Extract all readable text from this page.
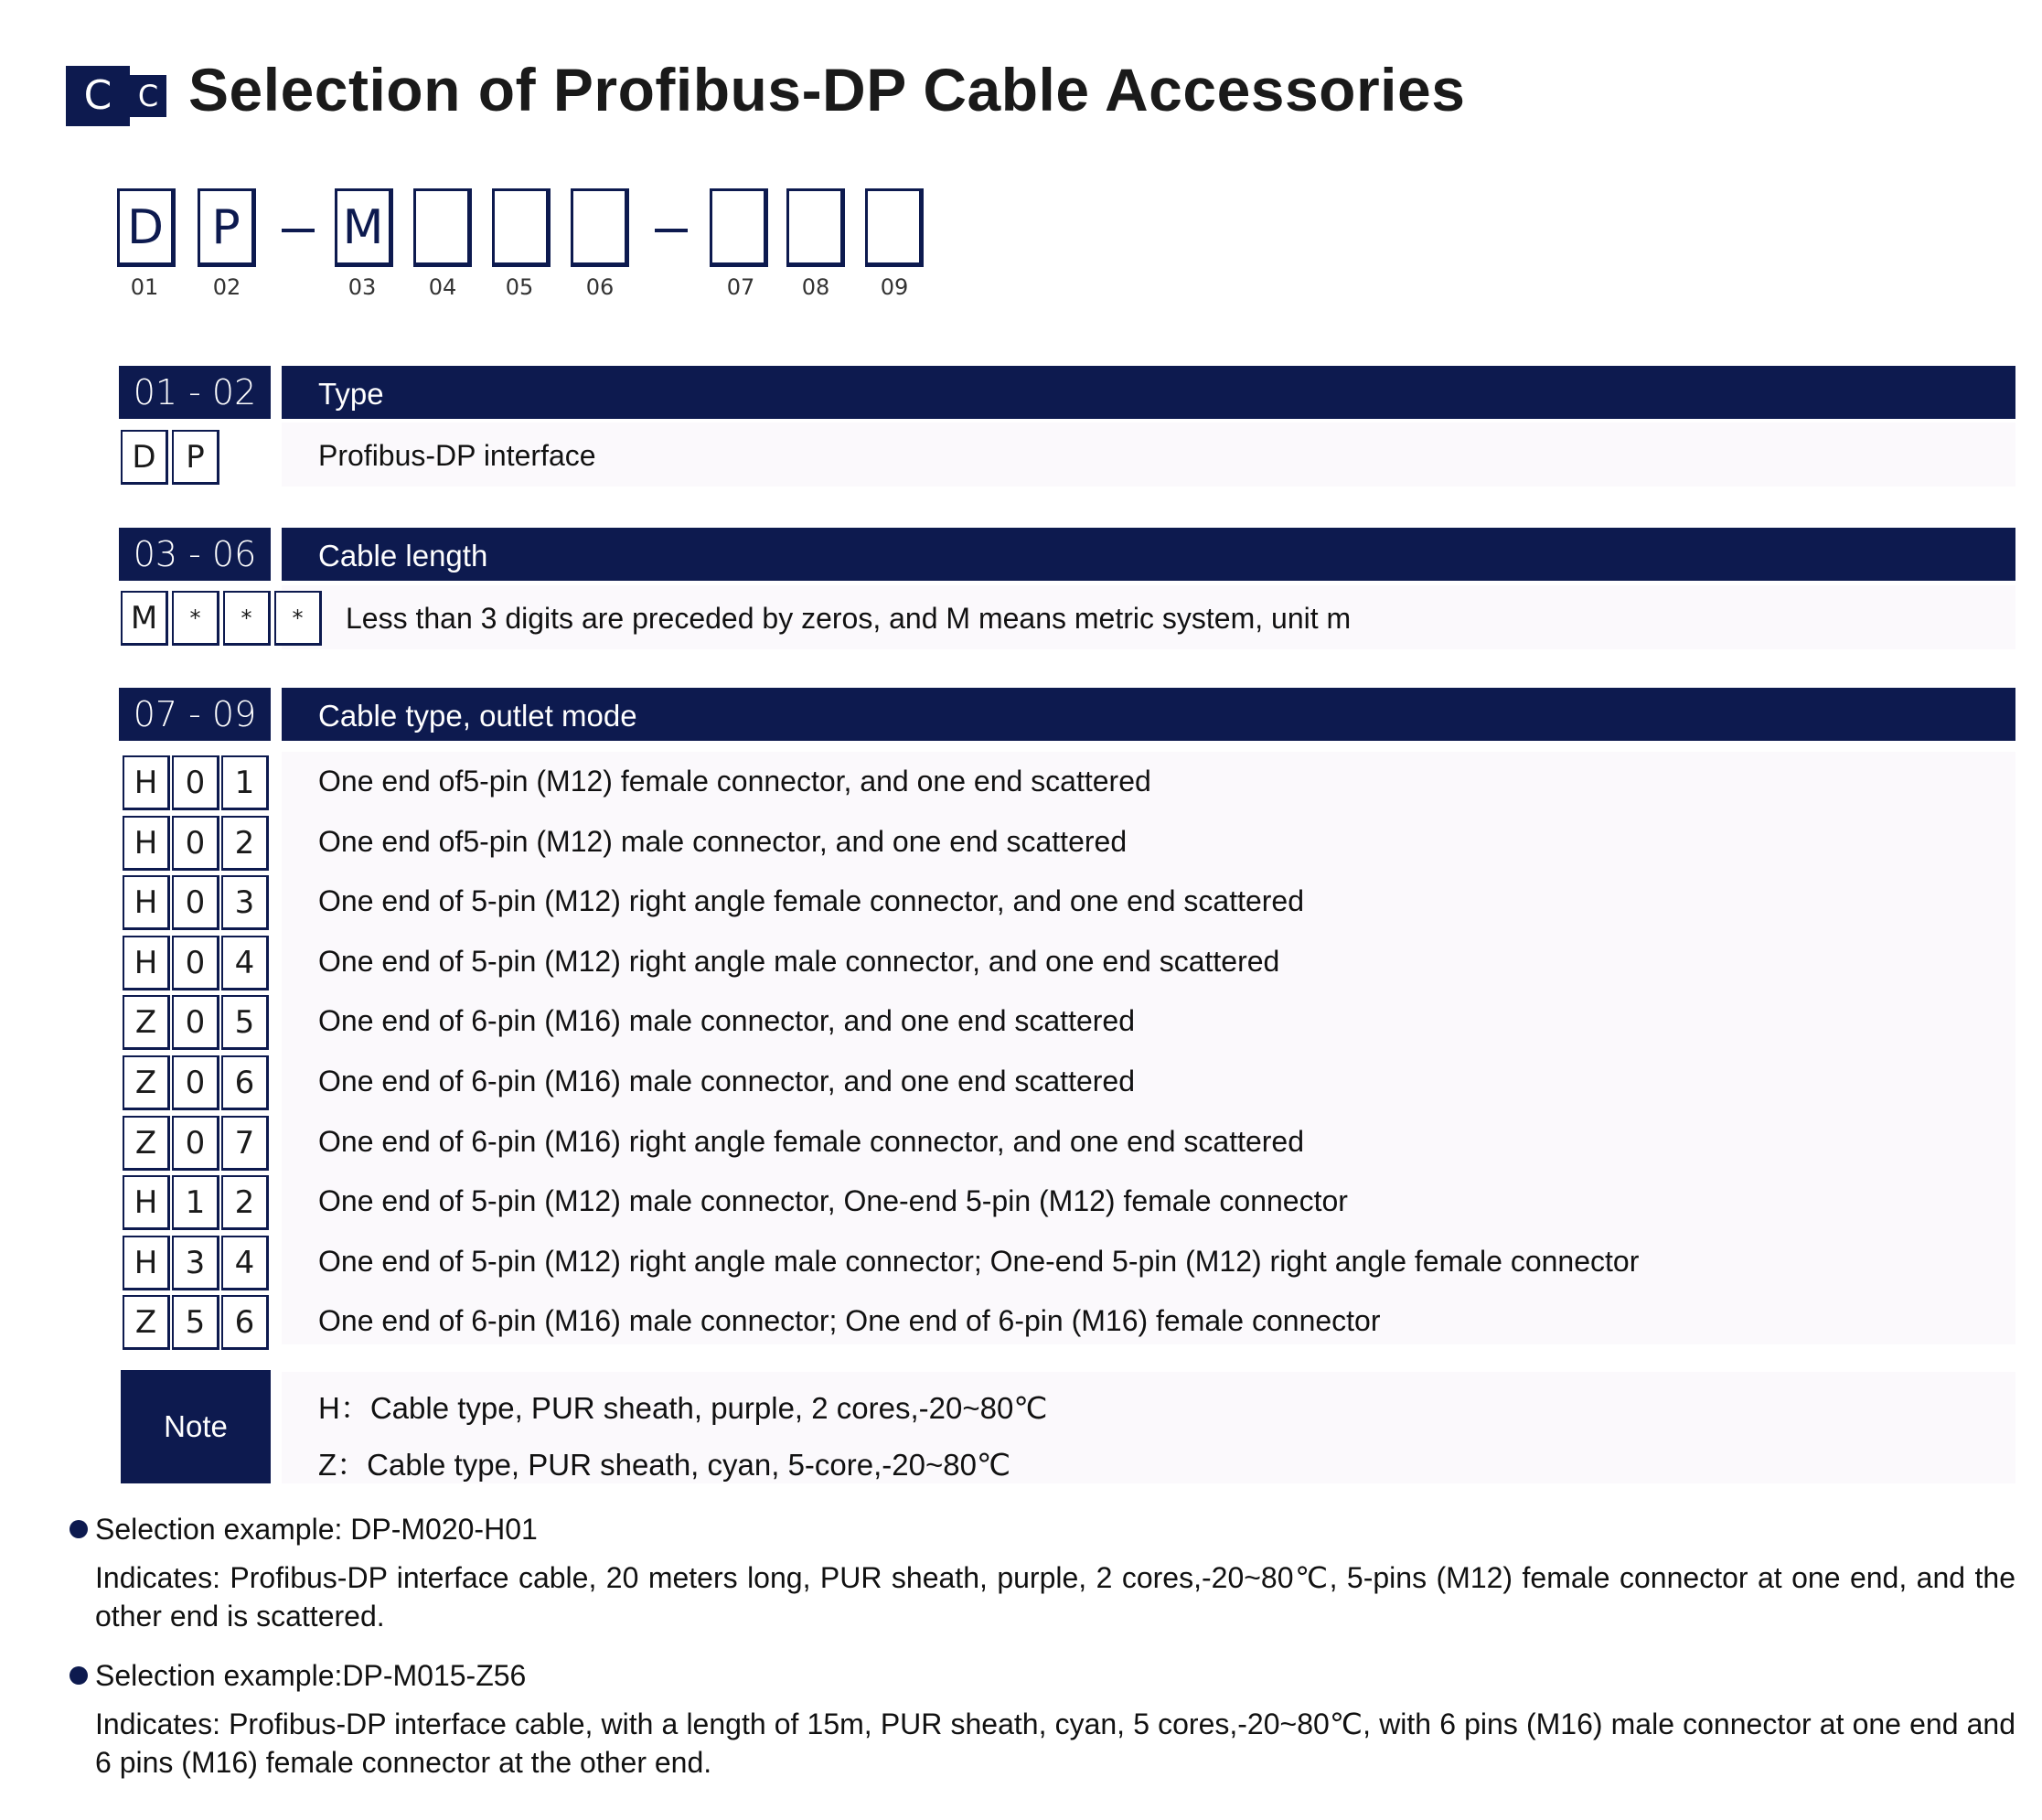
C C Selection of Profibus-DP Cable Accessories
D P	M
01	02	03	04	05	06	07	08	09
01 - 02	Type
D P	Profibus-DP interface
03 - 06	Cable length
M	*	*	*	Less than 3 digits are preceded by zeros, and M means metric system, unit m
07 - 09	Cable type, outlet mode
H 0 1	One end of5-pin (M12) female connector, and one end scattered
H 0 2	One end of5-pin (M12) male connector, and one end scattered
H 0 3	One end of 5-pin (M12) right angle female connector, and one end scattered
H 0 4	One end of 5-pin (M12) right angle male connector, and one end scattered
Z 0 5	One end of 6-pin (M16) male connector, and one end scattered
Z 0 6	One end of 6-pin (M16) male connector, and one end scattered
Z 0 7	One end of 6-pin (M16) right angle female connector, and one end scattered
H 1 2	One end of 5-pin (M12) male connector, One-end 5-pin (M12) female connector
H 3 4	One end of 5-pin (M12) right angle male connector; One-end 5-pin (M12) right angle female connector
Z 5 6	One end of 6-pin (M16) male connector; One end of 6-pin (M16) female connector
Note
H：Cable type, PUR sheath, purple, 2 cores,-20~80℃
Z：Cable type, PUR sheath, cyan, 5-core,-20~80℃
Selection example: DP-M020-H01
Indicates: Profibus-DP interface cable, 20 meters long, PUR sheath, purple, 2 cores,-20~80℃, 5-pins (M12) female connector at one end, and the other end is scattered.
Selection example:DP-M015-Z56
Indicates: Profibus-DP interface cable, with a length of 15m, PUR sheath, cyan, 5 cores,-20~80℃, with 6 pins (M16) male connector at one end and 6 pins (M16) female connector at the other end.
